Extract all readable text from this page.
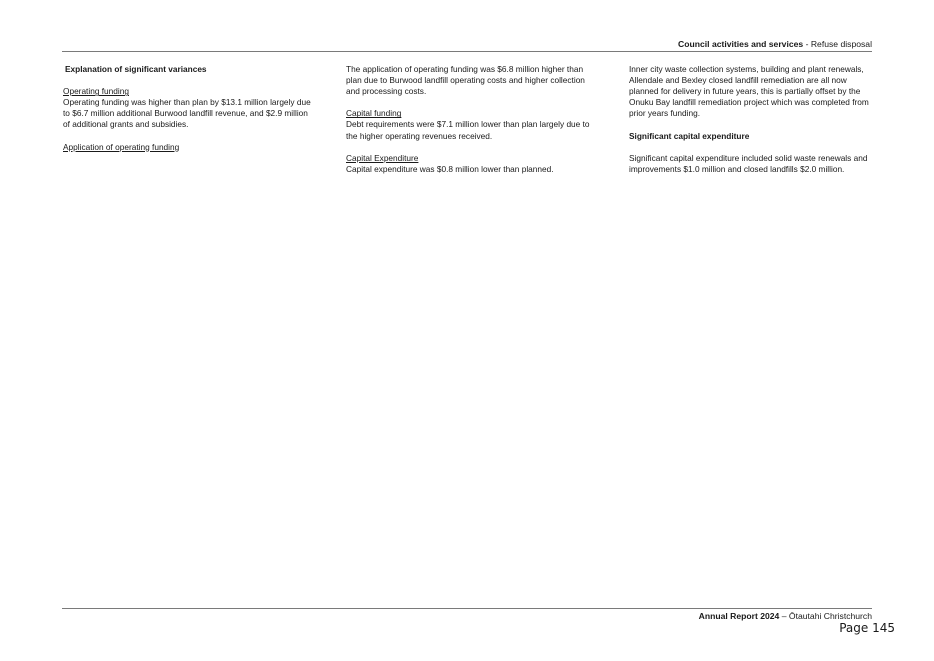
Council activities and services - Refuse disposal

Explanation of significant variances

Operating funding

Operating funding was higher than plan by $13.1 million largely due to $6.7 million additional Burwood landfill revenue, and $2.9 million of additional grants and subsidies.

Application of operating funding

The application of operating funding was $6.8 million higher than plan due to Burwood landfill operating costs and higher collection and processing costs.

Capital funding

Debt requirements were $7.1 million lower than plan largely due to the higher operating revenues received.

Capital Expenditure

Capital expenditure was $0.8 million lower than planned.

Inner city waste collection systems, building and plant renewals, Allendale and Bexley closed landfill remediation are all now planned for delivery in future years, this is partially offset by the Onuku Bay landfill remediation project which was completed from prior years funding.

Significant capital expenditure

Significant capital expenditure included solid waste renewals and improvements $1.0 million and closed landfills $2.0 million.

Annual Report 2024 – Ōtautahi Christchurch
Page 145
